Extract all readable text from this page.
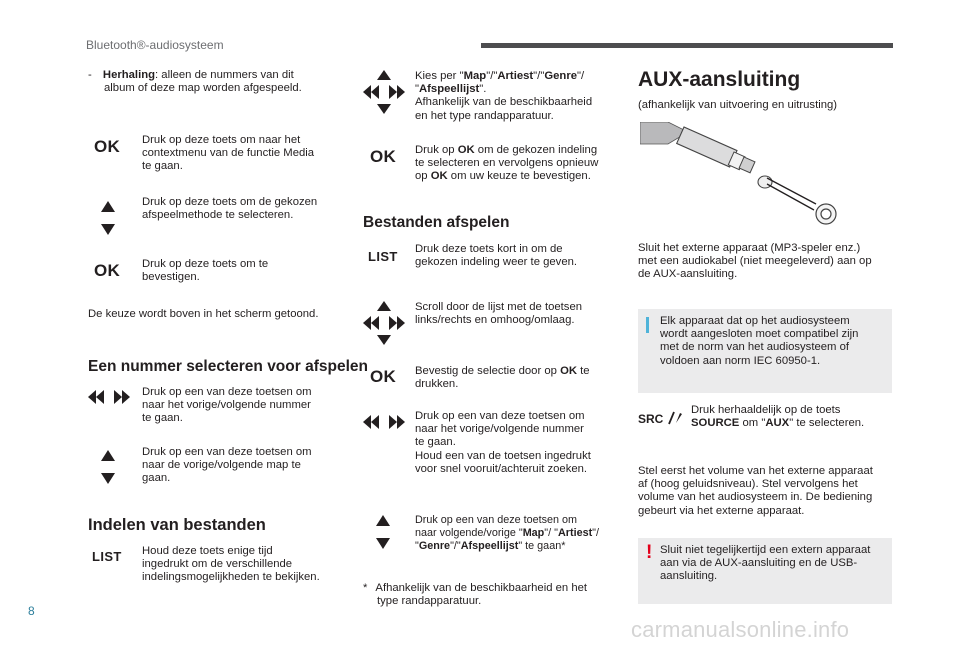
Bluetooth®-audiosysteem
- Herhaling: alleen de nummers van dit
album of deze map worden afgespeeld.
OK Druk op deze toets om naar het
contextmenu van de functie Media
te gaan.
Druk op deze toets om de gekozen
afspeelmethode te selecteren.
OK Druk op deze toets om te
bevestigen.
De keuze wordt boven in het scherm getoond.
Een nummer selecteren voor afspelen
Druk op een van deze toetsen om
naar het vorige/volgende nummer
te gaan.
Druk op een van deze toetsen om
naar de vorige/volgende map te
gaan.
Indelen van bestanden
LIST Houd deze toets enige tijd
ingedrukt om de verschillende
indelingsmogelijkheden te bekijken.
Kies per "Map"/"Artiest"/"Genre"/
"Afspeellijst".
Afhankelijk van de beschikbaarheid
en het type randapparatuur.
OK Druk op OK om de gekozen indeling
te selecteren en vervolgens opnieuw
op OK om uw keuze te bevestigen.
Bestanden afspelen
LIST Druk deze toets kort in om de
gekozen indeling weer te geven.
Scroll door de lijst met de toetsen
links/rechts en omhoog/omlaag.
OK Bevestig de selectie door op OK te
drukken.
Druk op een van deze toetsen om
naar het vorige/volgende nummer
te gaan.
Houd een van de toetsen ingedrukt
voor snel vooruit/achteruit zoeken.
Druk op een van deze toetsen om
naar volgende/vorige "Map"/ "Artiest"/
"Genre"/"Afspeellijst" te gaan*
* Afhankelijk van de beschikbaarheid en het
type randapparatuur.
AUX-aansluiting
(afhankelijk van uitvoering en uitrusting)
Sluit het externe apparaat (MP3-speler enz.)
met een audiokabel (niet meegeleverd) aan op
de AUX-aansluiting.
Elk apparaat dat op het audiosysteem
wordt aangesloten moet compatibel zijn
met de norm van het audiosysteem of
voldoen aan norm IEC 60950-1.
SRC
Druk herhaaldelijk op de toets
SOURCE om "AUX" te selecteren.
Stel eerst het volume van het externe apparaat
af (hoog geluidsniveau). Stel vervolgens het
volume van het audiosysteem in. De bediening
gebeurt via het externe apparaat.
! Sluit niet tegelijkertijd een extern apparaat
aan via de AUX-aansluiting en de USB-
aansluiting.
8
carmanualsonline.info
